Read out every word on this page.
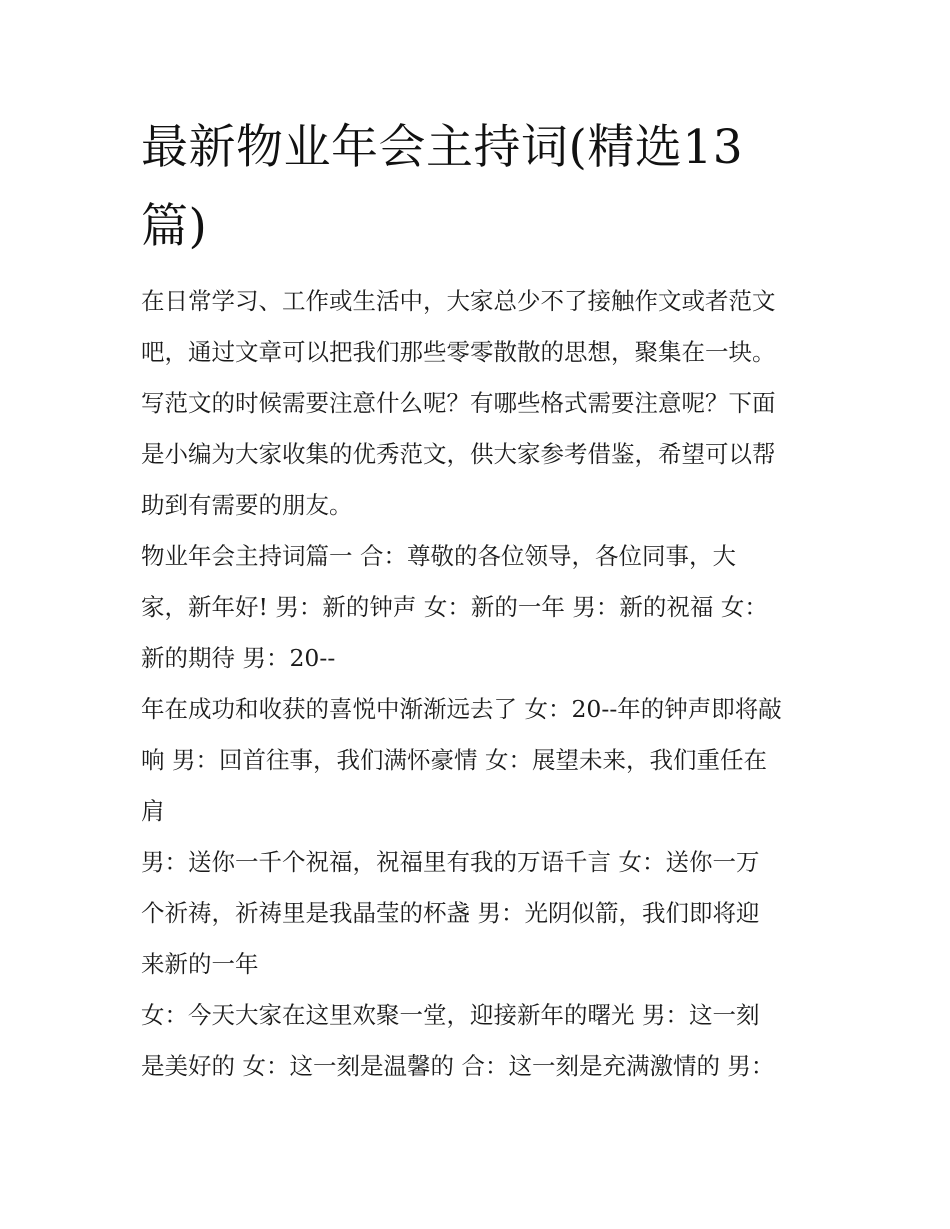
最新物业年会主持词(精选13
篇)

在日常学习、工作或生活中，大家总少不了接触作文或者范文

吧，通过文章可以把我们那些零零散散的思想，聚集在一块。

写范文的时候需要注意什么呢？有哪些格式需要注意呢？下面

是小编为大家收集的优秀范文，供大家参考借鉴，希望可以帮

助到有需要的朋友。

物业年会主持词篇一 合：尊敬的各位领导，各位同事，大

家，新年好! 男：新的钟声 女：新的一年 男：新的祝福 女：

新的期待 男：20--

年在成功和收获的喜悦中渐渐远去了 女：20--年的钟声即将敲

响 男：回首往事，我们满怀豪情 女：展望未来，我们重任在

肩

男：送你一千个祝福，祝福里有我的万语千言 女：送你一万

个祈祷，祈祷里是我晶莹的杯盏 男：光阴似箭，我们即将迎

来新的一年

女：今天大家在这里欢聚一堂，迎接新年的曙光 男：这一刻

是美好的 女：这一刻是温馨的 合：这一刻是充满激情的 男：
